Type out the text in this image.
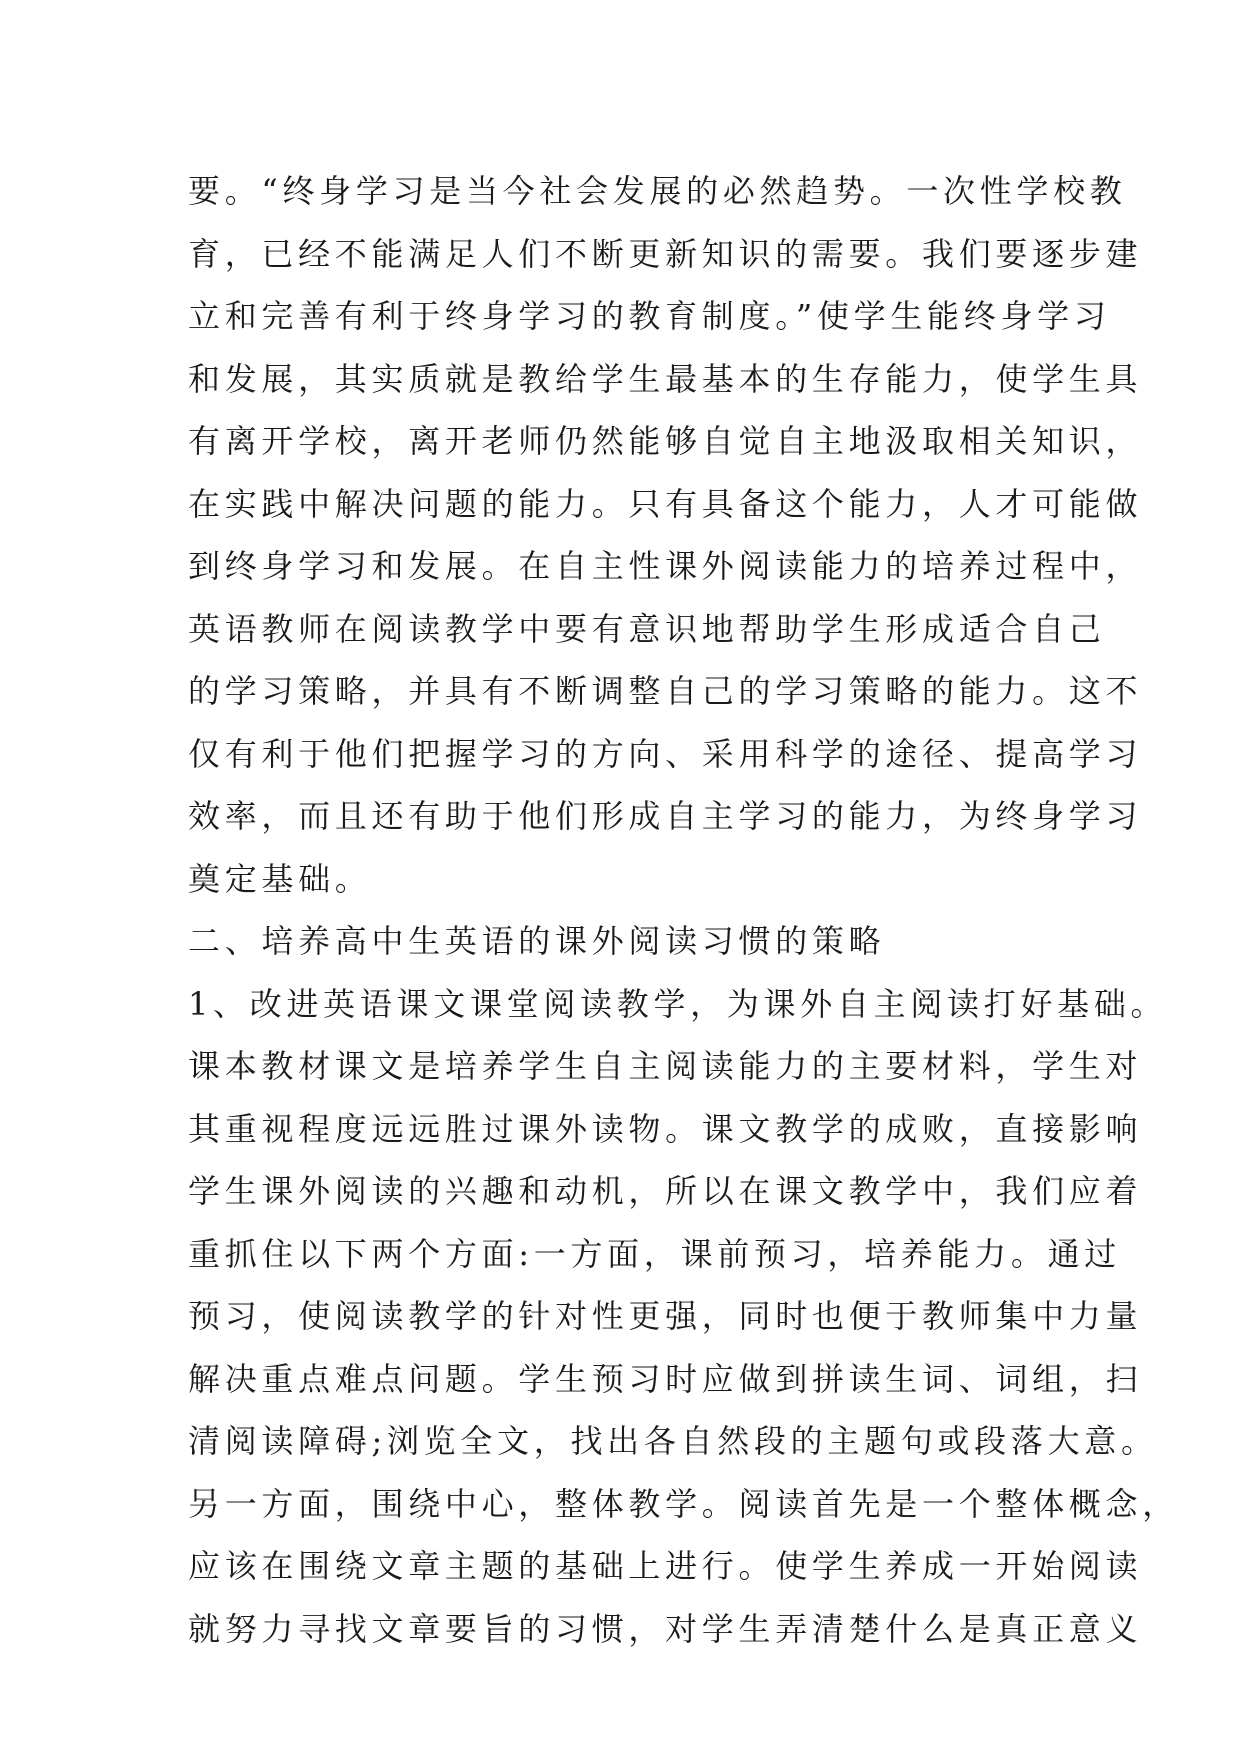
要。“终身学习是当今社会发展的必然趋势。一次性学校教
育，已经不能满足人们不断更新知识的需要。我们要逐步建
立和完善有利于终身学习的教育制度。”使学生能终身学习
和发展，其实质就是教给学生最基本的生存能力，使学生具
有离开学校，离开老师仍然能够自觉自主地汲取相关知识，
在实践中解决问题的能力。只有具备这个能力，人才可能做
到终身学习和发展。在自主性课外阅读能力的培养过程中，
英语教师在阅读教学中要有意识地帮助学生形成适合自己
的学习策略，并具有不断调整自己的学习策略的能力。这不
仅有利于他们把握学习的方向、采用科学的途径、提高学习
效率，而且还有助于他们形成自主学习的能力，为终身学习
奠定基础。
二、培养高中生英语的课外阅读习惯的策略
1、改进英语课文课堂阅读教学，为课外自主阅读打好基础。
课本教材课文是培养学生自主阅读能力的主要材料，学生对
其重视程度远远胜过课外读物。课文教学的成败，直接影响
学生课外阅读的兴趣和动机，所以在课文教学中，我们应着
重抓住以下两个方面:一方面，课前预习，培养能力。通过
预习，使阅读教学的针对性更强，同时也便于教师集中力量
解决重点难点问题。学生预习时应做到拼读生词、词组，扫
清阅读障碍;浏览全文，找出各自然段的主题句或段落大意。
另一方面，围绕中心，整体教学。阅读首先是一个整体概念，
应该在围绕文章主题的基础上进行。使学生养成一开始阅读
就努力寻找文章要旨的习惯，对学生弄清楚什么是真正意义
